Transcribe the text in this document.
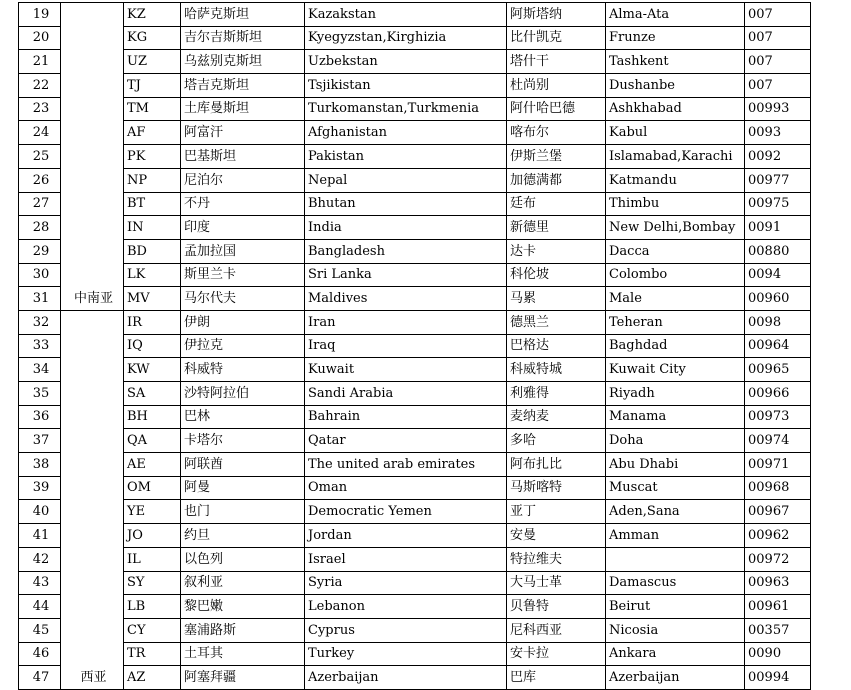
19	中南亚	KZ	哈萨克斯坦	Kazakstan	阿斯塔纳	Alma-Ata	007
20		KG	吉尔吉斯斯坦	Kyegyzstan,Kirghizia	比什凯克	Frunze	007
21		UZ	乌兹别克斯坦	Uzbekstan	塔什干	Tashkent	007
22		TJ	塔吉克斯坦	Tsjikistan	杜尚别	Dushanbe	007
23		TM	土库曼斯坦	Turkomanstan,Turkmenia	阿什哈巴德	Ashkhabad	00993
24		AF	阿富汗	Afghanistan	喀布尔	Kabul	0093
25		PK	巴基斯坦	Pakistan	伊斯兰堡	Islamabad,Karachi	0092
26		NP	尼泊尔	Nepal	加德满都	Katmandu	00977
27		BT	不丹	Bhutan	廷布	Thimbu	00975
28		IN	印度	India	新德里	New Delhi,Bombay	0091
29		BD	孟加拉国	Bangladesh	达卡	Dacca	00880
30		LK	斯里兰卡	Sri Lanka	科伦坡	Colombo	0094
31		MV	马尔代夫	Maldives	马累	Male	00960
32	西亚	IR	伊朗	Iran	德黑兰	Teheran	0098
33		IQ	伊拉克	Iraq	巴格达	Baghdad	00964
34		KW	科威特	Kuwait	科威特城	Kuwait City	00965
35		SA	沙特阿拉伯	Sandi Arabia	利雅得	Riyadh	00966
36		BH	巴林	Bahrain	麦纳麦	Manama	00973
37		QA	卡塔尔	Qatar	多哈	Doha	00974
38		AE	阿联酋	The united arab emirates	阿布扎比	Abu Dhabi	00971
39		OM	阿曼	Oman	马斯喀特	Muscat	00968
40		YE	也门	Democratic Yemen	亚丁	Aden,Sana	00967
41		JO	约旦	Jordan	安曼	Amman	00962
42		IL	以色列	Israel	特拉维夫		00972
43		SY	叙利亚	Syria	大马士革	Damascus	00963
44		LB	黎巴嫩	Lebanon	贝鲁特	Beirut	00961
45		CY	塞浦路斯	Cyprus	尼科西亚	Nicosia	00357
46		TR	土耳其	Turkey	安卡拉	Ankara	0090
47		AZ	阿塞拜疆	Azerbaijan	巴库	Azerbaijan	00994
